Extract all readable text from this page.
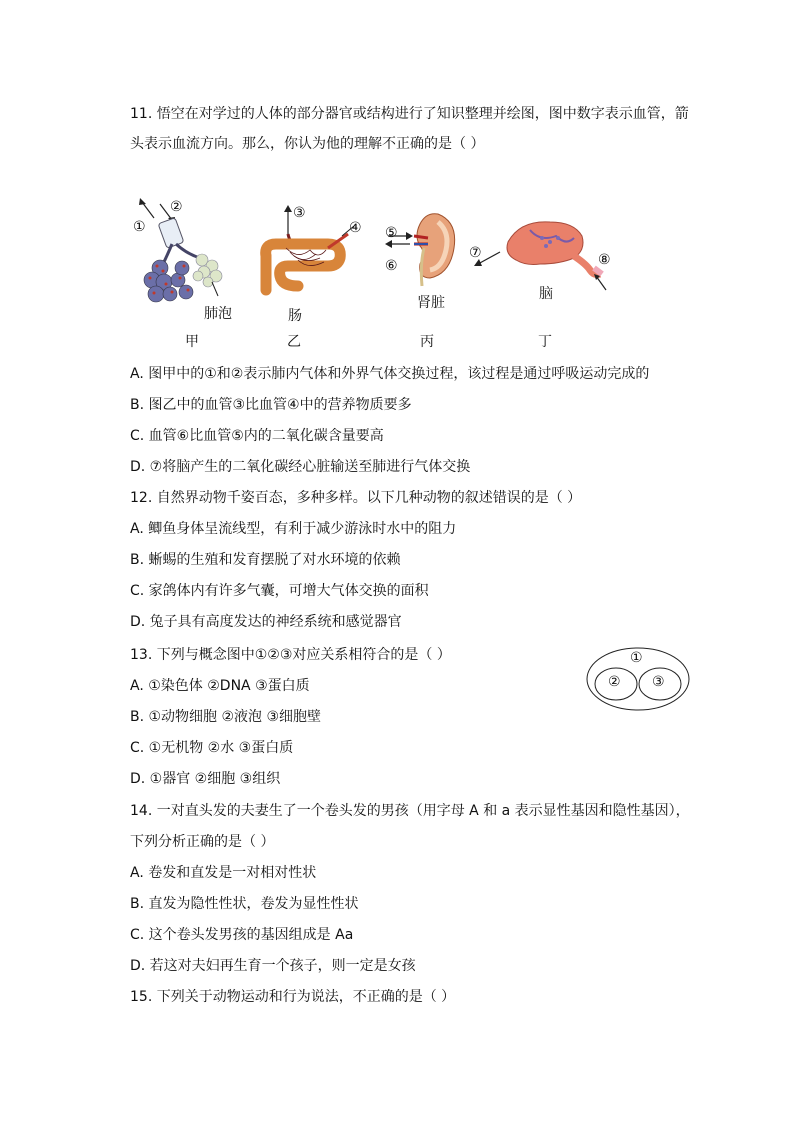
11. 悟空在对学过的人体的部分器官或结构进行了知识整理并绘图，图中数字表示血管，箭
头表示血流方向。那么，你认为他的理解不正确的是（ ）
①
②
肺泡
③
④
肠
⑤
⑥
肾脏
⑦	⑧
脑
甲	乙	丙	丁
A. 图甲中的①和②表示肺内气体和外界气体交换过程，该过程是通过呼吸运动完成的
B. 图乙中的血管③比血管④中的营养物质要多
C. 血管⑥比血管⑤内的二氧化碳含量要高
D. ⑦将脑产生的二氧化碳经心脏输送至肺进行气体交换
12. 自然界动物千姿百态，多种多样。以下几种动物的叙述错误的是（ ）
A. 鲫鱼身体呈流线型，有利于减少游泳时水中的阻力
B. 蜥蜴的生殖和发育摆脱了对水环境的依赖
C. 家鸽体内有许多气囊，可增大气体交换的面积
D. 兔子具有高度发达的神经系统和感觉器官
13. 下列与概念图中①②③对应关系相符合的是（ ）	①
② ③
A. ①染色体 ②DNA ③蛋白质
B. ①动物细胞 ②液泡 ③细胞壁
C. ①无机物 ②水 ③蛋白质
D. ①器官 ②细胞 ③组织
14. 一对直头发的夫妻生了一个卷头发的男孩（用字母 A 和 a 表示显性基因和隐性基因），
下列分析正确的是（ ）
A. 卷发和直发是一对相对性状
B. 直发为隐性性状，卷发为显性性状
C. 这个卷头发男孩的基因组成是 Aa
D. 若这对夫妇再生育一个孩子，则一定是女孩
15. 下列关于动物运动和行为说法，不正确的是（ ）
